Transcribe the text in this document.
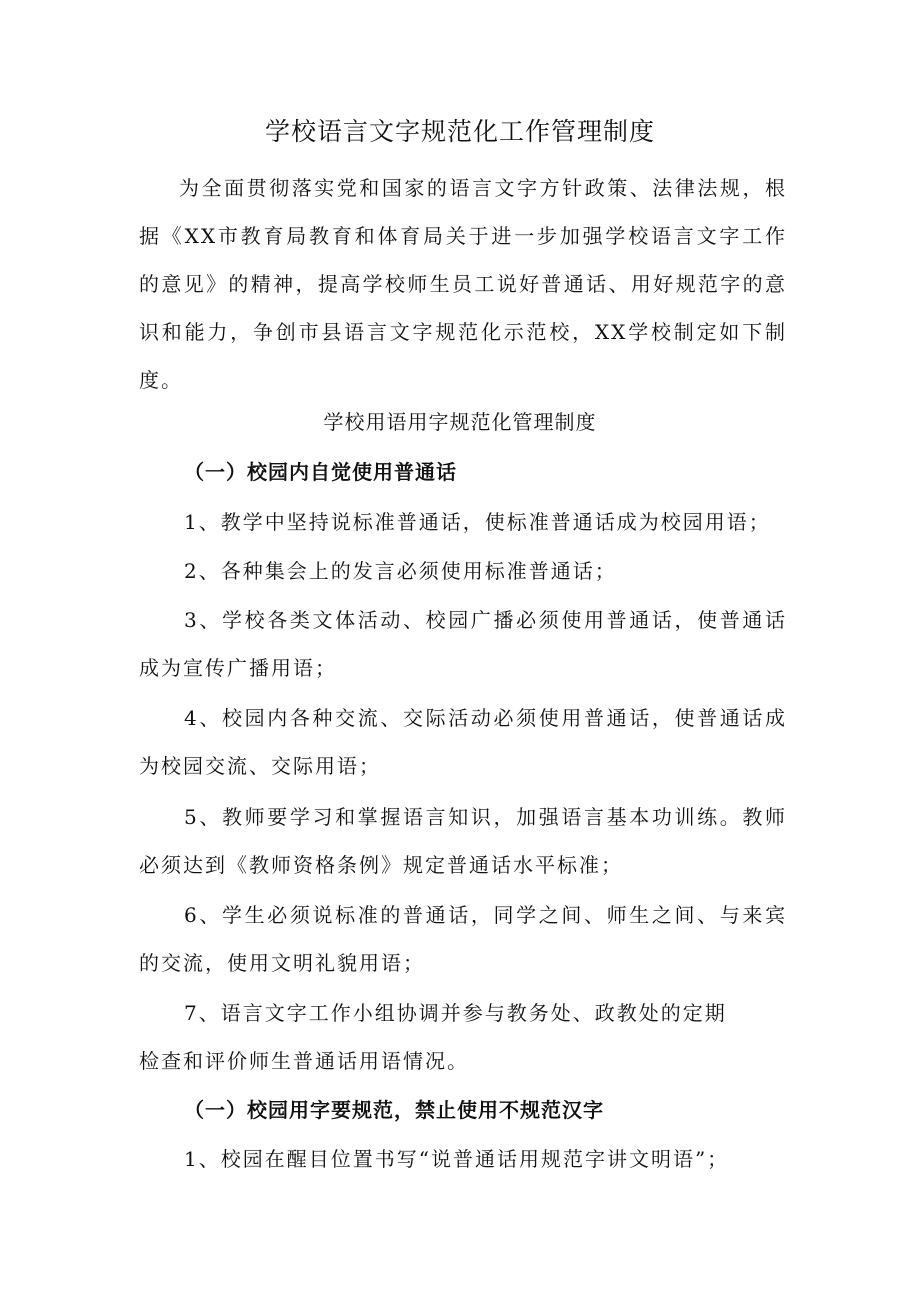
学校语言文字规范化工作管理制度

为全面贯彻落实党和国家的语言文字方针政策、法律法规，根据《XX市教育局教育和体育局关于进一步加强学校语言文字工作的意见》的精神，提高学校师生员工说好普通话、用好规范字的意识和能力，争创市县语言文字规范化示范校，XX学校制定如下制度。

学校用语用字规范化管理制度
（一）校园内自觉使用普通话

1、教学中坚持说标准普通话，使标准普通话成为校园用语；

2、各种集会上的发言必须使用标准普通话；

3、学校各类文体活动、校园广播必须使用普通话，使普通话成为宣传广播用语；

4、校园内各种交流、交际活动必须使用普通话，使普通话成为校园交流、交际用语；

5、教师要学习和掌握语言知识，加强语言基本功训练。教师必须达到《教师资格条例》规定普通话水平标准；

6、学生必须说标准的普通话，同学之间、师生之间、与来宾的交流，使用文明礼貌用语；

7、语言文字工作小组协调并参与教务处、政教处的定期
检查和评价师生普通话用语情况。

（一）校园用字要规范，禁止使用不规范汉字

1、校园在醒目位置书写“说普通话用规范字讲文明语”；
